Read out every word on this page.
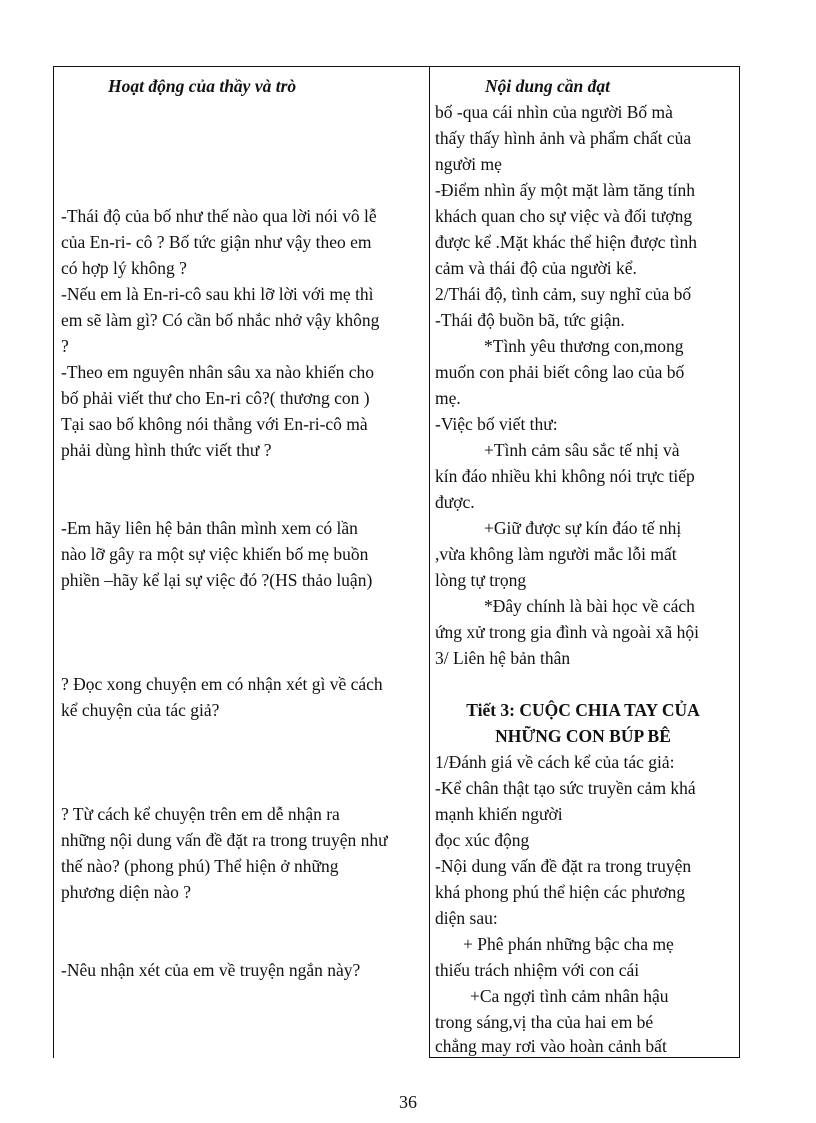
Hoạt động của thầy và trò	Nội dung cần đạt
-Thái độ của bố như thế nào qua lời nói vô lễ
của En-ri- cô ? Bố tức giận như vậy theo em
có hợp lý không ?
-Nếu em là En-ri-cô sau khi lỡ lời với mẹ thì
em sẽ làm gì? Có cần bố nhắc nhở vậy không
?
-Theo em nguyên nhân sâu xa nào khiến cho
bố phải viết thư cho En-ri cô?( thương con )
Tại sao bố không nói thẳng với En-ri-cô mà
phải dùng hình thức viết thư ?
-Em hãy liên hệ bản thân mình xem có lần
nào lỡ gây ra một sự việc khiến bố mẹ buồn
phiền –hãy kể lại sự việc đó ?(HS thảo luận)
? Đọc xong chuyện em có nhận xét gì về cách
kể chuyện của tác giả?
? Từ cách kể chuyện trên em dễ nhận ra
những nội dung vấn đề đặt ra trong truyện như
thế nào? (phong phú) Thể hiện ở những
phương diện nào ?
-Nêu nhận xét của em về truyện ngắn này?
bố -qua cái nhìn của người Bố mà
thấy thấy hình ảnh và phẩm chất của
người mẹ
-Điểm nhìn ấy một mặt làm tăng tính
khách quan cho sự việc và đối tượng
được kể .Mặt khác thể hiện được tình
cảm và thái độ của người kể.
2/Thái độ, tình cảm, suy nghĩ của bố
-Thái độ buồn bã, tức giận.
*Tình yêu thương con,mong
muốn con phải biết công lao của bố
mẹ.
-Việc bố viết thư:
+Tình cảm sâu sắc tế nhị và
kín đáo nhiều khi không nói trực tiếp
được.
+Giữ được sự kín đáo tế nhị
,vừa không làm người mắc lỗi mất
lòng tự trọng
*Đây chính là bài học về cách
ứng xử trong gia đình và ngoài xã hội
3/ Liên hệ bản thân
Tiết 3: CUỘC CHIA TAY CỦA
NHỮNG CON BÚP BÊ
1/Đánh giá về cách kể của tác giả:
-Kể chân thật tạo sức truyền cảm khá
mạnh khiến người
đọc xúc động
-Nội dung vấn đề đặt ra trong truyện
khá phong phú thể hiện các phương
diện sau:
+ Phê phán những bậc cha mẹ
thiếu trách nhiệm với con cái
+Ca ngợi tình cảm nhân hậu
trong sáng,vị tha của hai em bé
chẳng may rơi vào hoàn cảnh bất
36
